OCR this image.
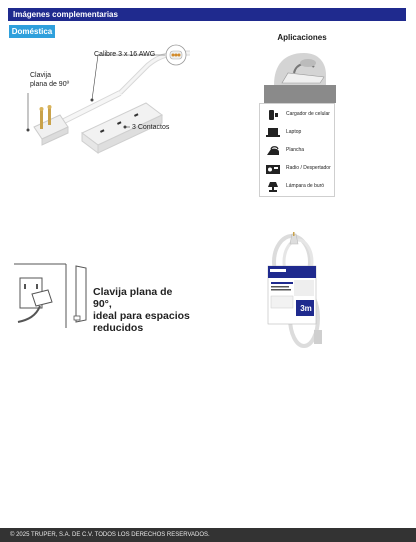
Imágenes complementarias
Doméstica
Calibre 3 x 16 AWG
Clavija
plana de 90º
3 Contactos
Aplicaciones
Cargador de celular
Laptop
Plancha
Radio / Despertador
Lámpara de buró
Clavija plana de 90°,
ideal para espacios
reducidos
3m
© 2025 TRUPER, S.A. DE C.V. TODOS LOS DERECHOS RESERVADOS.
